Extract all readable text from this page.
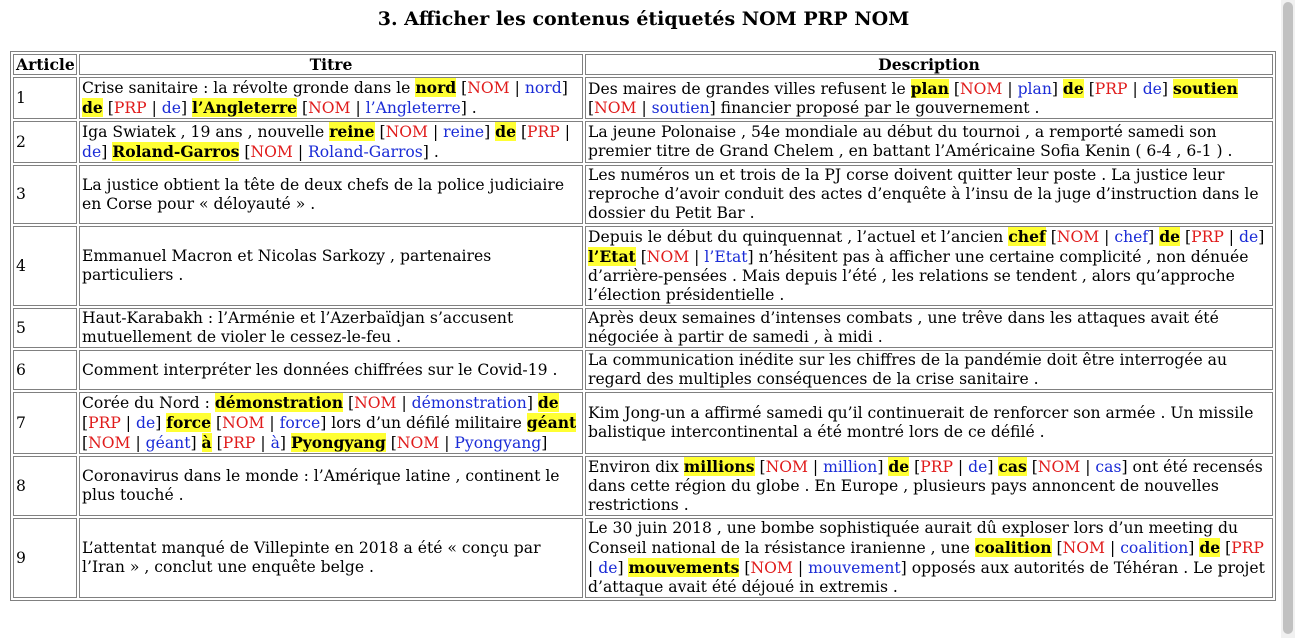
3. Afficher les contenus étiquetés NOM PRP NOM
Article	Titre	Description
1	Crise sanitaire : la révolte gronde dans le nord [NOM | nord] de [PRP | de] l’Angleterre [NOM | l’Angleterre] .	Des maires de grandes villes refusent le plan [NOM | plan] de [PRP | de] soutien [NOM | soutien] financier proposé par le gouvernement .
2	Iga Swiatek , 19 ans , nouvelle reine [NOM | reine] de [PRP | de] Roland-Garros [NOM | Roland-Garros] .	La jeune Polonaise , 54e mondiale au début du tournoi , a remporté samedi son premier titre de Grand Chelem , en battant l’Américaine Sofia Kenin ( 6-4 , 6-1 ) .
3	La justice obtient la tête de deux chefs de la police judiciaire en Corse pour « déloyauté » .	Les numéros un et trois de la PJ corse doivent quitter leur poste . La justice leur reproche d’avoir conduit des actes d’enquête à l’insu de la juge d’instruction dans le dossier du Petit Bar .
4	Emmanuel Macron et Nicolas Sarkozy , partenaires particuliers .	Depuis le début du quinquennat , l’actuel et l’ancien chef [NOM | chef] de [PRP | de] l’Etat [NOM | l’Etat] n’hésitent pas à afficher une certaine complicité , non dénuée d’arrière-pensées . Mais depuis l’été , les relations se tendent , alors qu’approche l’élection présidentielle .
5	Haut-Karabakh : l’Arménie et l’Azerbaïdjan s’accusent mutuellement de violer le cessez-le-feu .	Après deux semaines d’intenses combats , une trêve dans les attaques avait été négociée à partir de samedi , à midi .
6	Comment interpréter les données chiffrées sur le Covid-19 .	La communication inédite sur les chiffres de la pandémie doit être interrogée au regard des multiples conséquences de la crise sanitaire .
7	Corée du Nord : démonstration [NOM | démonstration] de [PRP | de] force [NOM | force] lors d’un défilé militaire géant [NOM | géant] à [PRP | à] Pyongyang [NOM | Pyongyang]	Kim Jong-un a affirmé samedi qu’il continuerait de renforcer son armée . Un missile balistique intercontinental a été montré lors de ce défilé .
8	Coronavirus dans le monde : l’Amérique latine , continent le plus touché .	Environ dix millions [NOM | million] de [PRP | de] cas [NOM | cas] ont été recensés dans cette région du globe . En Europe , plusieurs pays annoncent de nouvelles restrictions .
9	L’attentat manqué de Villepinte en 2018 a été « conçu par l’Iran » , conclut une enquête belge .	Le 30 juin 2018 , une bombe sophistiquée aurait dû exploser lors d’un meeting du Conseil national de la résistance iranienne , une coalition [NOM | coalition] de [PRP | de] mouvements [NOM | mouvement] opposés aux autorités de Téhéran . Le projet d’attaque avait été déjoué in extremis .
